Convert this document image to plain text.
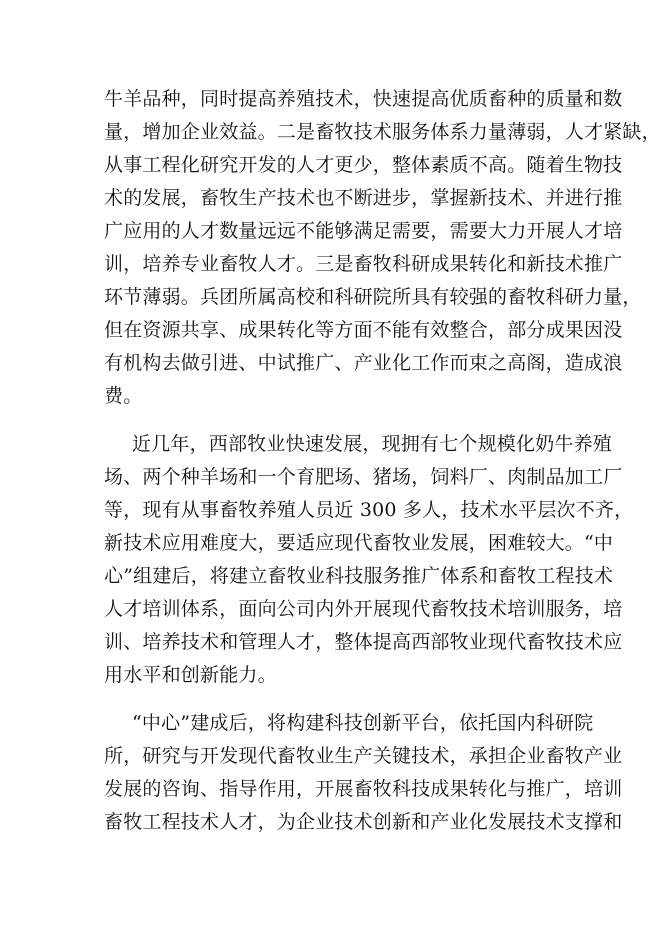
牛羊品种，同时提高养殖技术，快速提高优质畜种的质量和数
量，增加企业效益。二是畜牧技术服务体系力量薄弱，人才紧缺，
从事工程化研究开发的人才更少，整体素质不高。随着生物技
术的发展，畜牧生产技术也不断进步，掌握新技术、并进行推
广应用的人才数量远远不能够满足需要，需要大力开展人才培
训，培养专业畜牧人才。三是畜牧科研成果转化和新技术推广
环节薄弱。兵团所属高校和科研院所具有较强的畜牧科研力量，
但在资源共享、成果转化等方面不能有效整合，部分成果因没
有机构去做引进、中试推广、产业化工作而束之高阁，造成浪
费。
近几年，西部牧业快速发展，现拥有七个规模化奶牛养殖
场、两个种羊场和一个育肥场、猪场，饲料厂、肉制品加工厂
等，现有从事畜牧养殖人员近 300 多人，技术水平层次不齐，
新技术应用难度大，要适应现代畜牧业发展，困难较大。“中
心”组建后，将建立畜牧业科技服务推广体系和畜牧工程技术
人才培训体系，面向公司内外开展现代畜牧技术培训服务，培
训、培养技术和管理人才，整体提高西部牧业现代畜牧技术应
用水平和创新能力。
“中心”建成后，将构建科技创新平台，依托国内科研院
所，研究与开发现代畜牧业生产关键技术，承担企业畜牧产业
发展的咨询、指导作用，开展畜牧科技成果转化与推广，培训
畜牧工程技术人才，为企业技术创新和产业化发展技术支撑和
